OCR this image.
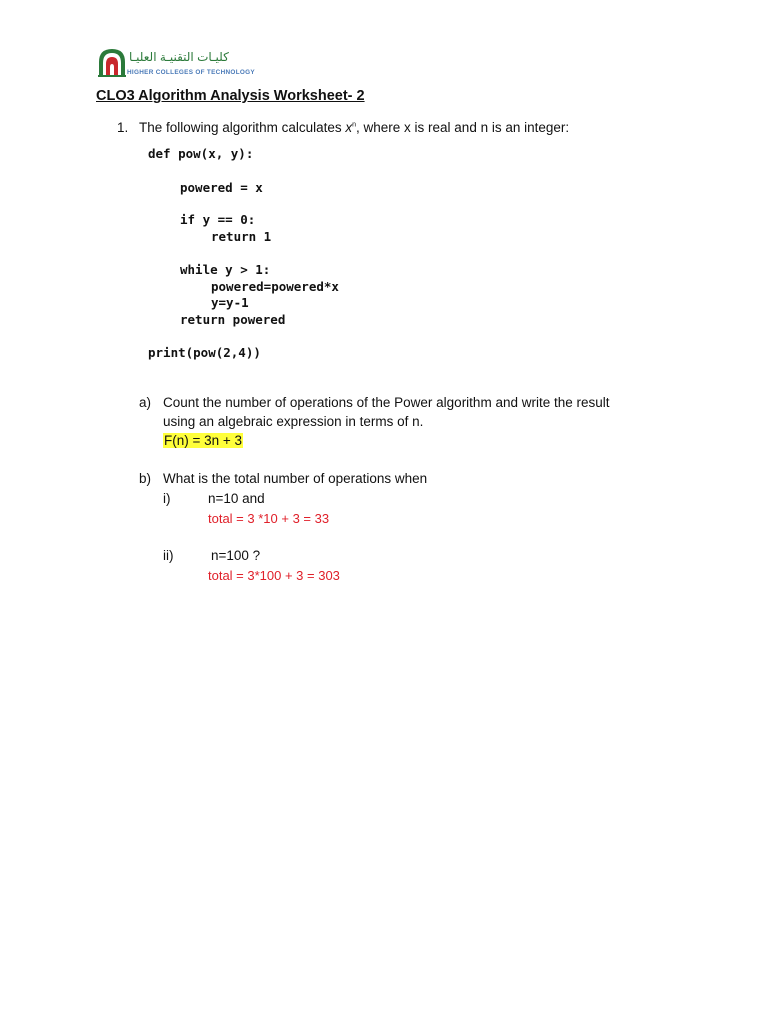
كليـات التقنيـة العليـا
HIGHER COLLEGES OF TECHNOLOGY
CLO3 Algorithm Analysis Worksheet- 2
1. The following algorithm calculates $x^n$, where x is real and n is an integer:
def pow(x, y):
powered = x
if y == 0:
return 1
while y > 1:
powered=powered*x
y=y-1
return powered
print(pow(2,4))
a) Count the number of operations of the Power algorithm and write the result
using an algebraic expression in terms of n.
F(n) = 3n + 3
b) What is the total number of operations when
i)	n=10 and
total = 3 *10 + 3 = 33
ii)	n=100 ?
total = 3*100 + 3 = 303
